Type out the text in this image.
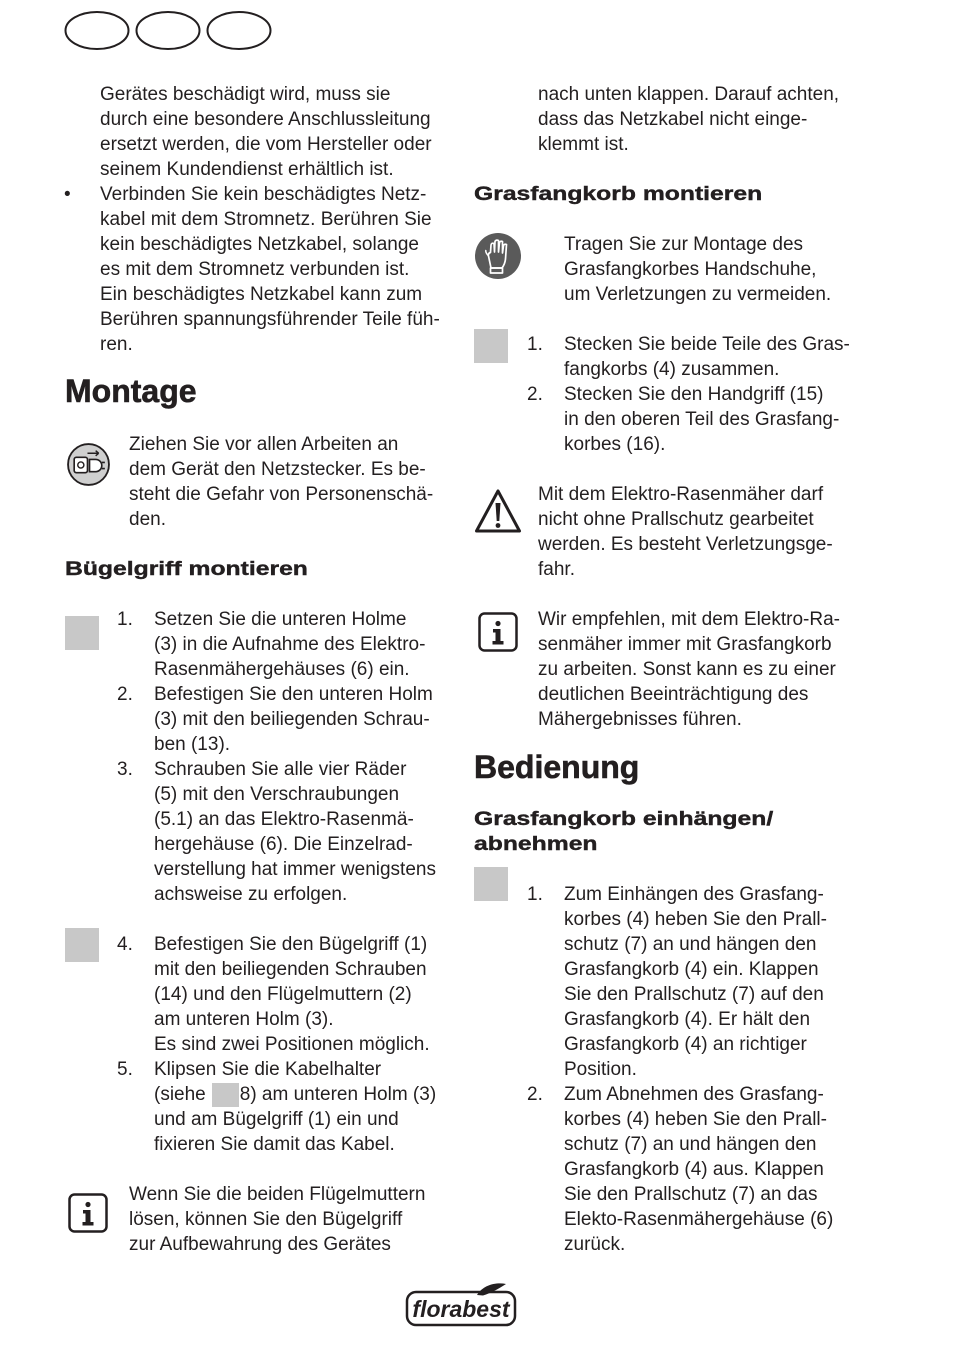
Gerätes beschädigt wird, muss sie
durch eine besondere Anschlussleitung
ersetzt werden, die vom Hersteller oder
seinem Kundendienst erhältlich ist.
• Verbinden Sie kein beschädigtes Netz-
kabel mit dem Stromnetz. Berühren Sie
kein beschädigtes Netzkabel, solange
es mit dem Stromnetz verbunden ist.
Ein beschädigtes Netzkabel kann zum
Berühren spannungsführender Teile füh-
ren.
Montage
Ziehen Sie vor allen Arbeiten an
dem Gerät den Netzstecker. Es be-
steht die Gefahr von Personenschä-
den.
Bügelgriff montieren
1.	Setzen Sie die unteren Holme
(3) in die Aufnahme des Elektro-
Rasenmähergehäuses (6) ein.
2.	Befestigen Sie den unteren Holm
(3) mit den beiliegenden Schrau-
ben (13).
3.	Schrauben Sie alle vier Räder
(5) mit den Verschraubungen
(5.1) an das Elektro-Rasenmä-
hergehäuse (6). Die Einzelrad-
verstellung hat immer wenigstens
achsweise zu erfolgen.
4.	Befestigen Sie den Bügelgriff (1)
mit den beiliegenden Schrauben
(14) und den Flügelmuttern (2)
am unteren Holm (3).
Es sind zwei Positionen möglich.
5.	Klipsen Sie die Kabelhalter
(siehe 8) am unteren Holm (3)
und am Bügelgriff (1) ein und
fixieren Sie damit das Kabel.
Wenn Sie die beiden Flügelmuttern
lösen, können Sie den Bügelgriff
zur Aufbewahrung des Gerätes
nach unten klappen. Darauf achten,
dass das Netzkabel nicht einge-
klemmt ist.
Grasfangkorb montieren
Tragen Sie zur Montage des
Grasfangkorbes Handschuhe,
um Verletzungen zu vermeiden.
1.	Stecken Sie beide Teile des Gras-
fangkorbs (4) zusammen.
2.	Stecken Sie den Handgriff (15)
in den oberen Teil des Grasfang-
korbes (16).
Mit dem Elektro-Rasenmäher darf
nicht ohne Prallschutz gearbeitet
werden. Es besteht Verletzungsge-
fahr.
Wir empfehlen, mit dem Elektro-Ra-
senmäher immer mit Grasfangkorb
zu arbeiten. Sonst kann es zu einer
deutlichen Beeinträchtigung des
Mähergebnisses führen.
Bedienung
Grasfangkorb einhängen/
abnehmen
1.	Zum Einhängen des Grasfang-
korbes (4) heben Sie den Prall-
schutz (7) an und hängen den
Grasfangkorb (4) ein. Klappen
Sie den Prallschutz (7) auf den
Grasfangkorb (4). Er hält den
Grasfangkorb (4) an richtiger
Position.
2.	Zum Abnehmen des Grasfang-
korbes (4) heben Sie den Prall-
schutz (7) an und hängen den
Grasfangkorb (4) aus. Klappen
Sie den Prallschutz (7) an das
Elekto-Rasenmähergehäuse (6)
zurück.
florabest
